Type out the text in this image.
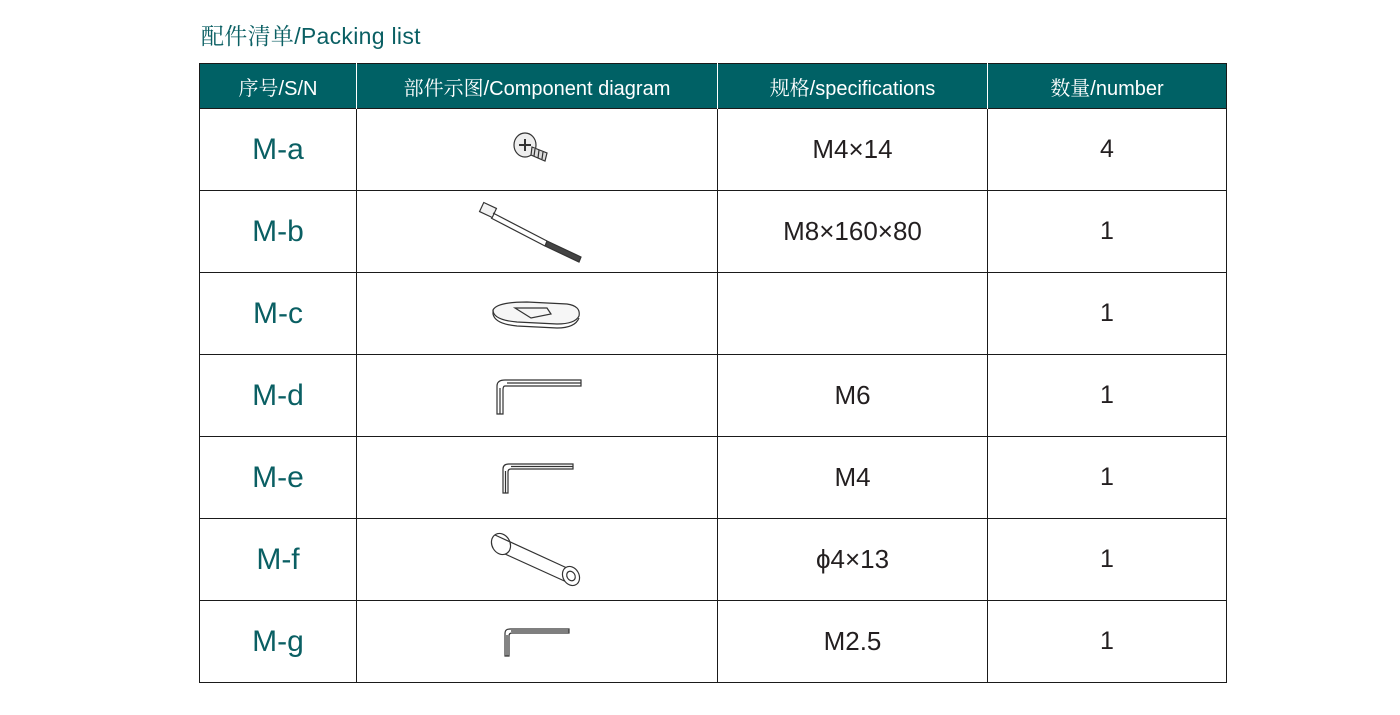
配件清单/Packing list
序号/S/N	部件示图/Component diagram	规格/specifications	数量/number
M-a		M4×14	4
M-b		M8×160×80	1
M-c			1
M-d		M6	1
M-e		M4	1
M-f		ϕ4×13	1
M-g		M2.5	1
